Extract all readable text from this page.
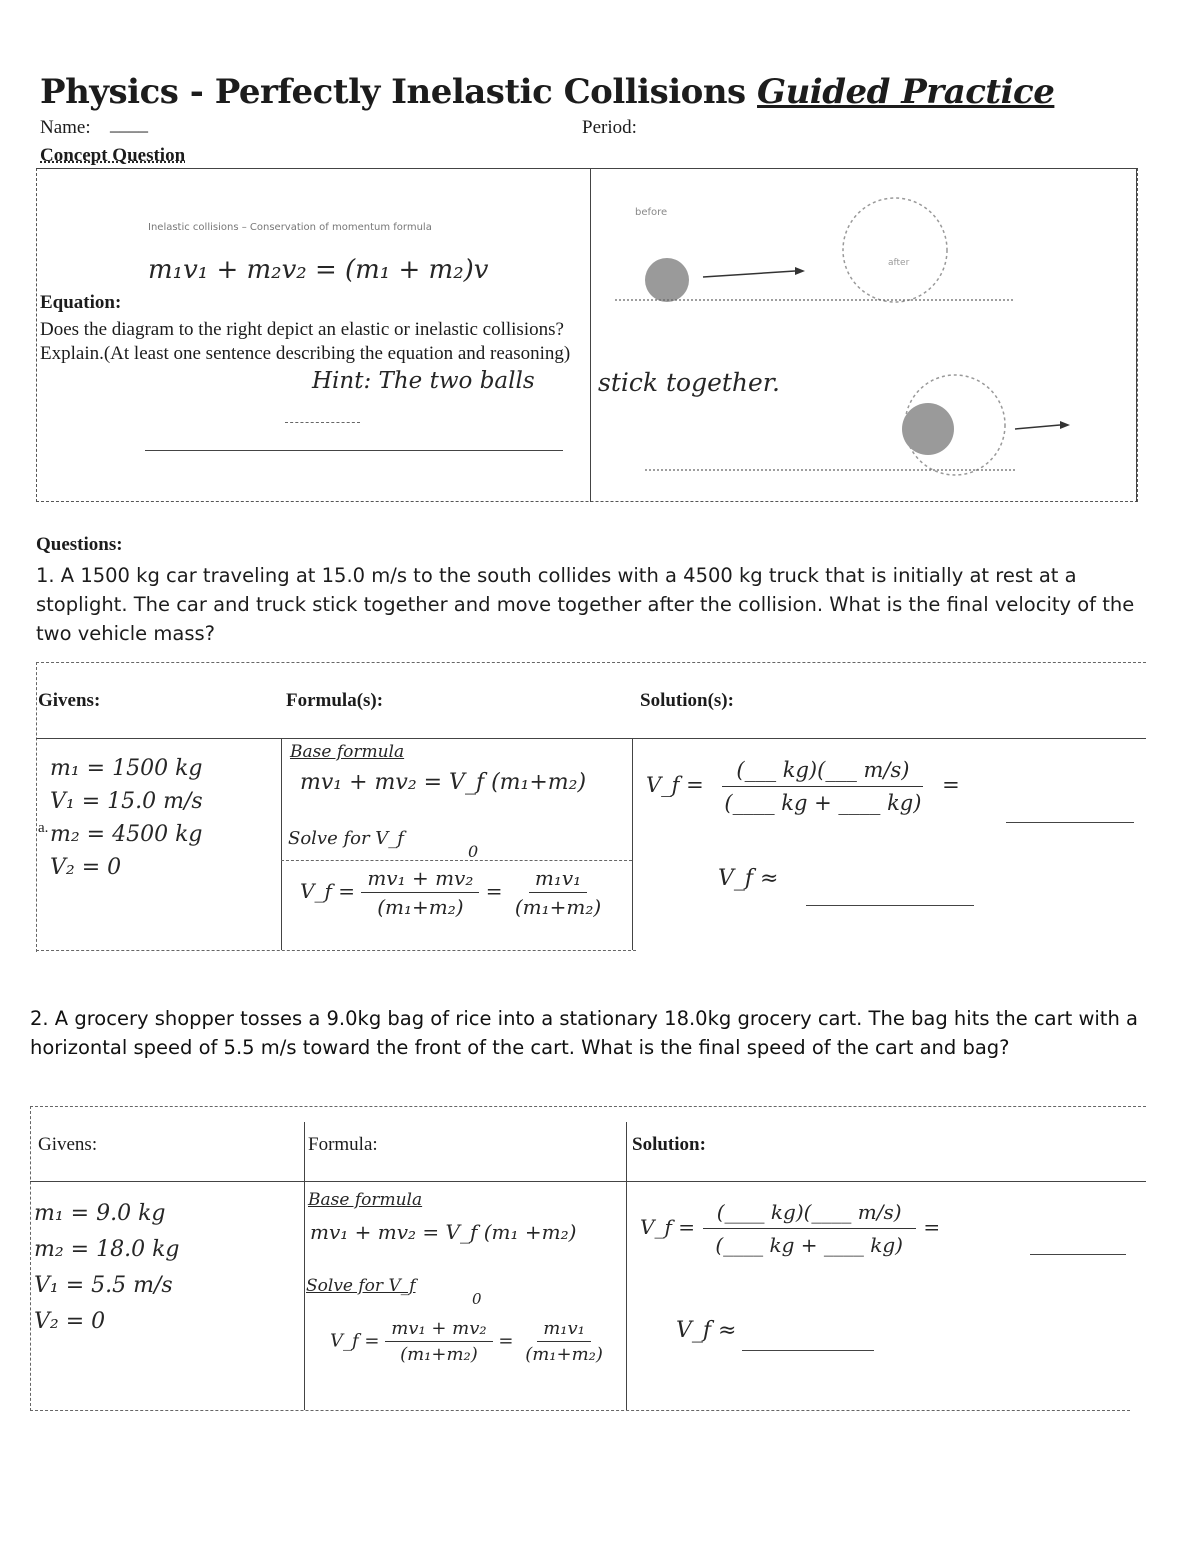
Physics - Perfectly Inelastic Collisions Guided Practice
Name: ____	Period:
Concept Question
Inelastic collisions – Conservation of momentum formula
m₁v₁ + m₂v₂ = (m₁ + m₂)v
Equation:
Does the diagram to the right depict an elastic or inelastic collisions? Explain.(At least one sentence describing the equation and reasoning)
Hint: The two balls	stick together.
before
after
Questions:
1. A 1500 kg car traveling at 15.0 m/s to the south collides with a 4500 kg truck that is initially at rest at a stoplight. The car and truck stick together and move together after the collision. What is the final velocity of the two vehicle mass?
Givens:	Formula(s):	Solution(s):
a.
m₁ = 1500 kg
V₁ = 15.0 m/s
m₂ = 4500 kg
V₂ = 0
Base formula
mv₁ + mv₂ = V_f (m₁+m₂)
Solve for V_f
0
V_f = $\frac{\text{mv₁ + mv₂}}{\text{(m₁+m₂)}} = \frac{\text{m₁v₁}}{\text{(m₁+m₂)}}$
V_f = $\frac{(\_\_\_ kg)(\_\_\_ m/s)}{(\_\_\_\_ kg + \_\_\_\_ kg)}$ =
V_f ≈
2. A grocery shopper tosses a 9.0kg bag of rice into a stationary 18.0kg grocery cart. The bag hits the cart with a horizontal speed of 5.5 m/s toward the front of the cart. What is the final speed of the cart and bag?
Givens:	Formula:	Solution:
m₁ = 9.0 kg
m₂ = 18.0 kg
V₁ = 5.5 m/s
V₂ = 0
Base formula
mv₁ + mv₂ = V_f (m₁ +m₂)
Solve for V_f
0
V_f = $\frac{\text{mv₁ + mv₂}}{\text{(m₁+m₂)}} = \frac{\text{m₁v₁}}{\text{(m₁+m₂)}}$
V_f = $\frac{(\_\_\_\_ kg)(\_\_\_\_ m/s)}{(\_\_\_\_ kg + \_\_\_\_ kg)}$ =
V_f ≈
